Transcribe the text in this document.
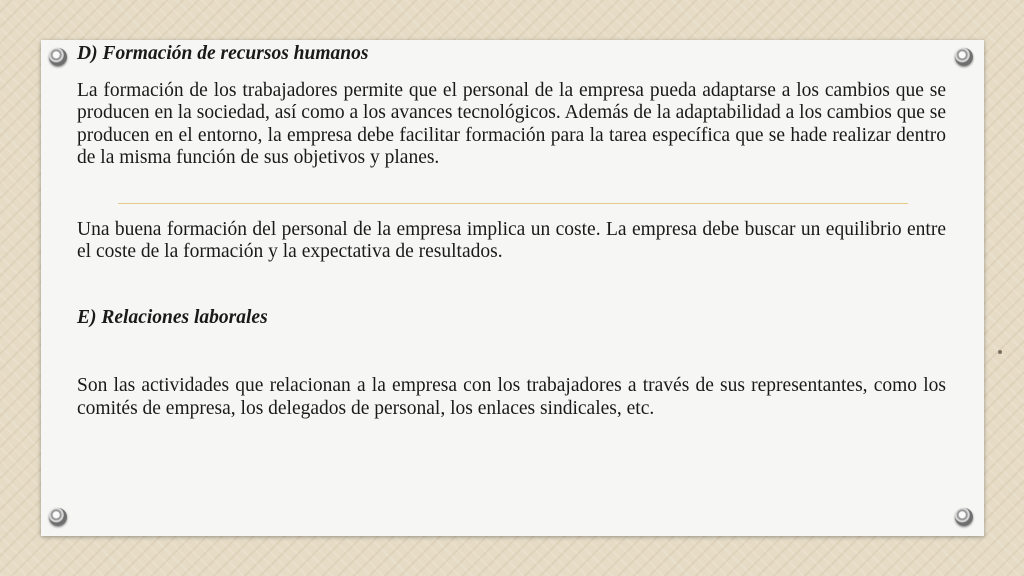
D) Formación de recursos humanos

La formación de los trabajadores permite que el personal de la empresa pueda adaptarse a los cambios que se producen en la sociedad, así como a los avances tecnológicos. Además de la adaptabilidad a los cambios que se producen en el entorno, la empresa debe facilitar formación para la tarea específica que se hade realizar dentro de la misma función de sus objetivos y planes.

Una buena formación del personal de la empresa implica un coste. La empresa debe buscar un equilibrio entre el coste de la formación y la expectativa de resultados.

E) Relaciones laborales

Son las actividades que relacionan a la empresa con los trabajadores a través de sus representantes, como los comités de empresa, los delegados de personal, los enlaces sindicales, etc.
